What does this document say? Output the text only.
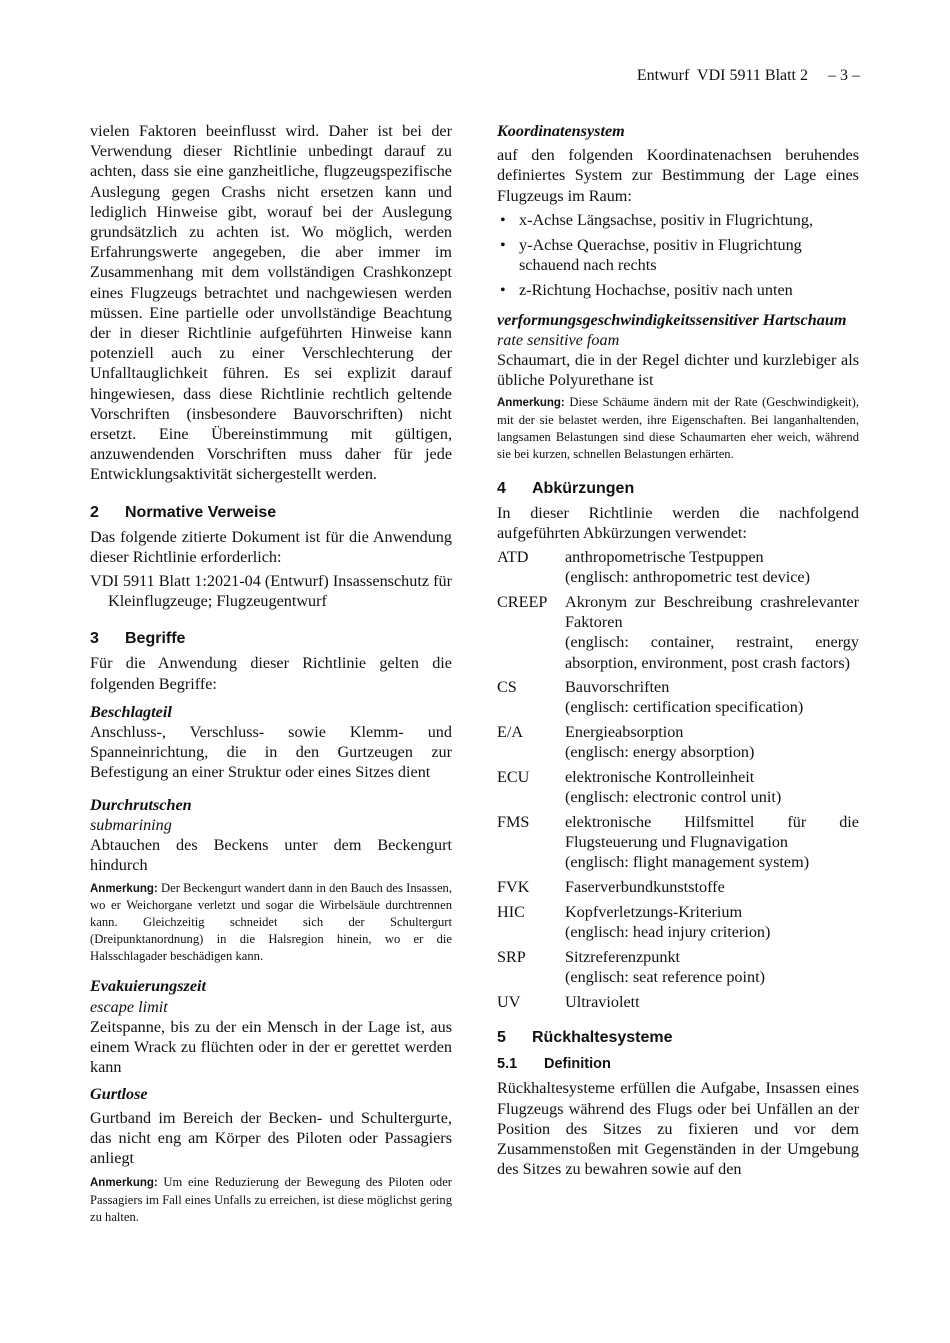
Entwurf  VDI 5911 Blatt 2 – 3 –

vielen Faktoren beeinflusst wird. Daher ist bei der Verwendung dieser Richtlinie unbedingt darauf zu achten, dass sie eine ganzheitliche, flugzeugspezifische Auslegung gegen Crashs nicht ersetzen kann und lediglich Hinweise gibt, worauf bei der Auslegung grundsätzlich zu achten ist. Wo möglich, werden Erfahrungswerte angegeben, die aber immer im Zusammenhang mit dem vollständigen Crashkonzept eines Flugzeugs betrachtet und nachgewiesen werden müssen. Eine partielle oder unvollständige Beachtung der in dieser Richtlinie aufgeführten Hinweise kann potenziell auch zu einer Verschlechterung der Unfalltauglichkeit führen. Es sei explizit darauf hingewiesen, dass diese Richtlinie rechtlich geltende Vorschriften (insbesondere Bauvorschriften) nicht ersetzt. Eine Übereinstimmung mit gültigen, anzuwendenden Vorschriften muss daher für jede Entwicklungsaktivität sichergestellt werden.

2 Normative Verweise

Das folgende zitierte Dokument ist für die Anwendung dieser Richtlinie erforderlich:

VDI 5911 Blatt 1:2021-04 (Entwurf) Insassenschutz für Kleinflugzeuge; Flugzeugentwurf

3 Begriffe

Für die Anwendung dieser Richtlinie gelten die folgenden Begriffe:

Beschlagteil

Anschluss-, Verschluss- sowie Klemm- und Spanneinrichtung, die in den Gurtzeugen zur Befestigung an einer Struktur oder eines Sitzes dient

Durchrutschen

submarining

Abtauchen des Beckens unter dem Beckengurt hindurch

Anmerkung: Der Beckengurt wandert dann in den Bauch des Insassen, wo er Weichorgane verletzt und sogar die Wirbelsäule durchtrennen kann. Gleichzeitig schneidet sich der Schultergurt (Dreipunktanordnung) in die Halsregion hinein, wo er die Halsschlagader beschädigen kann.

Evakuierungszeit

escape limit

Zeitspanne, bis zu der ein Mensch in der Lage ist, aus einem Wrack zu flüchten oder in der er gerettet werden kann

Gurtlose

Gurtband im Bereich der Becken- und Schultergurte, das nicht eng am Körper des Piloten oder Passagiers anliegt

Anmerkung: Um eine Reduzierung der Bewegung des Piloten oder Passagiers im Fall eines Unfalls zu erreichen, ist diese möglichst gering zu halten.

Koordinatensystem

auf den folgenden Koordinatenachsen beruhendes definiertes System zur Bestimmung der Lage eines Flugzeugs im Raum:

• x-Achse Längsachse, positiv in Flugrichtung,
• y-Achse Querachse, positiv in Flugrichtung schauend nach rechts
• z-Richtung Hochachse, positiv nach unten

verformungsgeschwindigkeitssensitiver Hartschaum

rate sensitive foam

Schaumart, die in der Regel dichter und kurzlebiger als übliche Polyurethane ist

Anmerkung: Diese Schäume ändern mit der Rate (Geschwindigkeit), mit der sie belastet werden, ihre Eigenschaften. Bei langanhaltenden, langsamen Belastungen sind diese Schaumarten eher weich, während sie bei kurzen, schnellen Belastungen erhärten.

4 Abkürzungen

In dieser Richtlinie werden die nachfolgend aufgeführten Abkürzungen verwendet:

ATD	anthropometrische Testpuppen
(englisch: anthropometric test device)
CREEP	Akronym zur Beschreibung crashrelevanter Faktoren
(englisch: container, restraint, energy absorption, environment, post crash factors)
CS	Bauvorschriften
(englisch: certification specification)
E/A	Energieabsorption
(englisch: energy absorption)
ECU	elektronische Kontrolleinheit
(englisch: electronic control unit)
FMS	elektronische Hilfsmittel für die Flugsteuerung und Flugnavigation
(englisch: flight management system)
FVK	Faserverbundkunststoffe
HIC	Kopfverletzungs-Kriterium
(englisch: head injury criterion)
SRP	Sitzreferenzpunkt
(englisch: seat reference point)
UV	Ultraviolett
5 Rückhaltesysteme
5.1 Definition

Rückhaltesysteme erfüllen die Aufgabe, Insassen eines Flugzeugs während des Flugs oder bei Unfällen an der Position des Sitzes zu fixieren und vor dem Zusammenstoßen mit Gegenständen in der Umgebung des Sitzes zu bewahren sowie auf den
